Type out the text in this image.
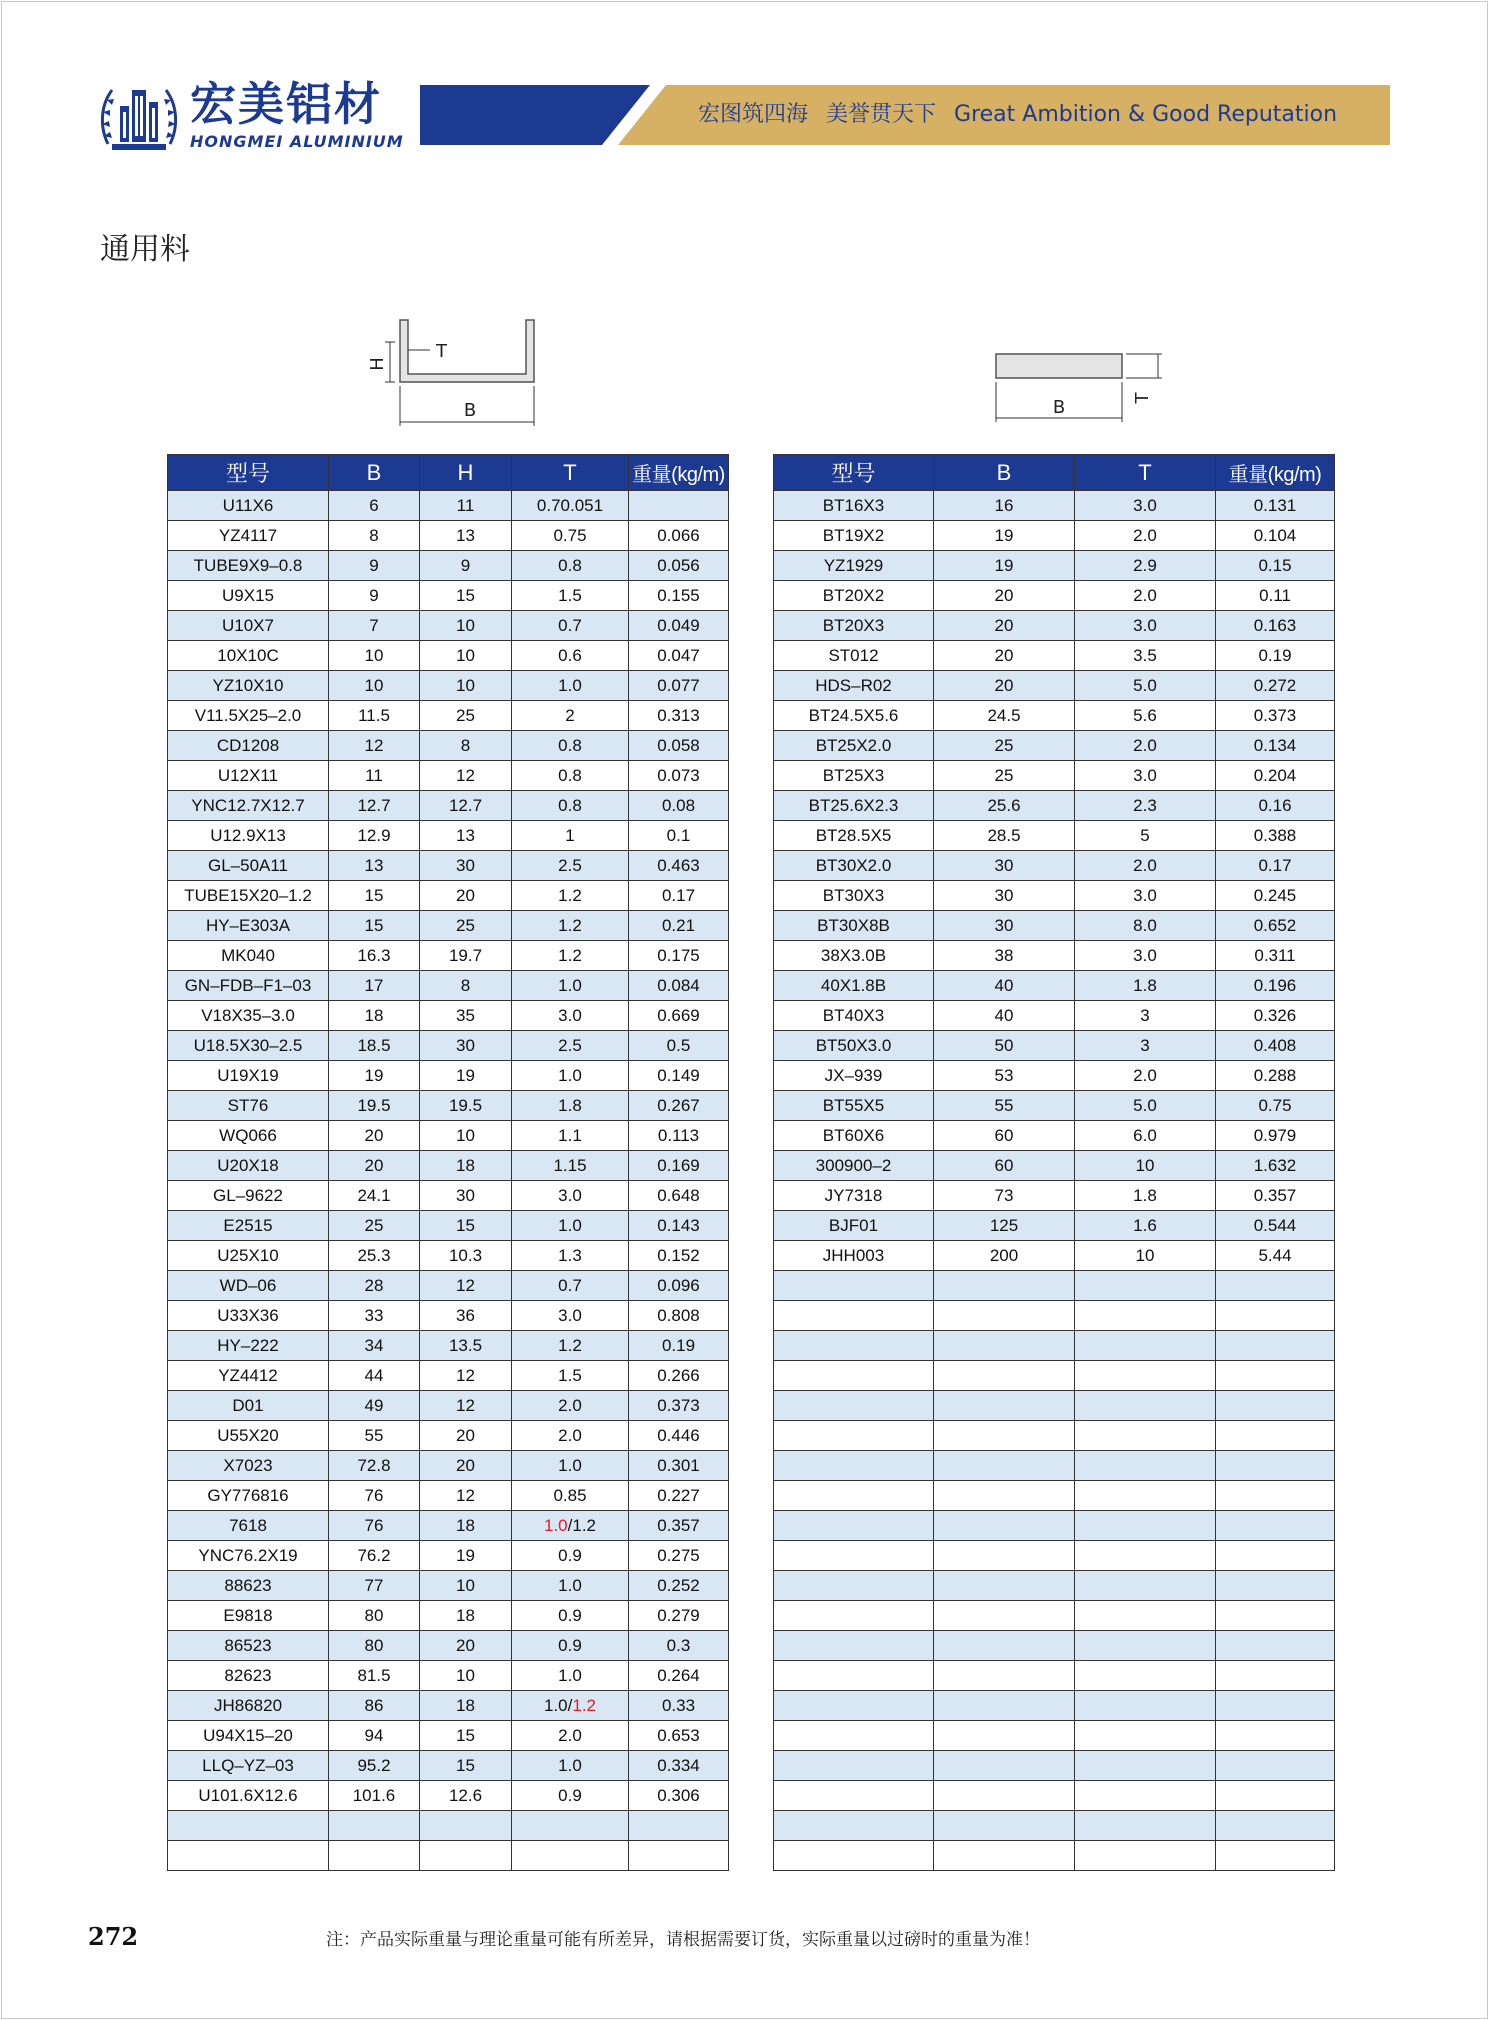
宏美铝材
HONGMEI ALUMINIUM
宏图筑四海 美誉贯天下 Great Ambition & Good Reputation
通用料
H
T
B	B	T
型号	B	H	T	重量(kg/m)
U11X6	6	11	0.70.051	
YZ4117	8	13	0.75	0.066
TUBE9X9–0.8	9	9	0.8	0.056
U9X15	9	15	1.5	0.155
U10X7	7	10	0.7	0.049
10X10C	10	10	0.6	0.047
YZ10X10	10	10	1.0	0.077
V11.5X25–2.0	11.5	25	2	0.313
CD1208	12	8	0.8	0.058
U12X11	11	12	0.8	0.073
YNC12.7X12.7	12.7	12.7	0.8	0.08
U12.9X13	12.9	13	1	0.1
GL–50A11	13	30	2.5	0.463
TUBE15X20–1.2	15	20	1.2	0.17
HY–E303A	15	25	1.2	0.21
MK040	16.3	19.7	1.2	0.175
GN–FDB–F1–03	17	8	1.0	0.084
V18X35–3.0	18	35	3.0	0.669
U18.5X30–2.5	18.5	30	2.5	0.5
U19X19	19	19	1.0	0.149
ST76	19.5	19.5	1.8	0.267
WQ066	20	10	1.1	0.113
U20X18	20	18	1.15	0.169
GL–9622	24.1	30	3.0	0.648
E2515	25	15	1.0	0.143
U25X10	25.3	10.3	1.3	0.152
WD–06	28	12	0.7	0.096
U33X36	33	36	3.0	0.808
HY–222	34	13.5	1.2	0.19
YZ4412	44	12	1.5	0.266
D01	49	12	2.0	0.373
U55X20	55	20	2.0	0.446
X7023	72.8	20	1.0	0.301
GY776816	76	12	0.85	0.227
7618	76	18	1.0/1.2	0.357
YNC76.2X19	76.2	19	0.9	0.275
88623	77	10	1.0	0.252
E9818	80	18	0.9	0.279
86523	80	20	0.9	0.3
82623	81.5	10	1.0	0.264
JH86820	86	18	1.0/1.2	0.33
U94X15–20	94	15	2.0	0.653
LLQ–YZ–03	95.2	15	1.0	0.334
U101.6X12.6	101.6	12.6	0.9	0.306

型号	B	T	重量(kg/m)
BT16X3	16	3.0	0.131
BT19X2	19	2.0	0.104
YZ1929	19	2.9	0.15
BT20X2	20	2.0	0.11
BT20X3	20	3.0	0.163
ST012	20	3.5	0.19
HDS–R02	20	5.0	0.272
BT24.5X5.6	24.5	5.6	0.373
BT25X2.0	25	2.0	0.134
BT25X3	25	3.0	0.204
BT25.6X2.3	25.6	2.3	0.16
BT28.5X5	28.5	5	0.388
BT30X2.0	30	2.0	0.17
BT30X3	30	3.0	0.245
BT30X8B	30	8.0	0.652
38X3.0B	38	3.0	0.311
40X1.8B	40	1.8	0.196
BT40X3	40	3	0.326
BT50X3.0	50	3	0.408
JX–939	53	2.0	0.288
BT55X5	55	5.0	0.75
BT60X6	60	6.0	0.979
300900–2	60	10	1.632
JY7318	73	1.8	0.357
BJF01	125	1.6	0.544
JHH003	200	10	5.44

272	注：产品实际重量与理论重量可能有所差异，请根据需要订货，实际重量以过磅时的重量为准！
